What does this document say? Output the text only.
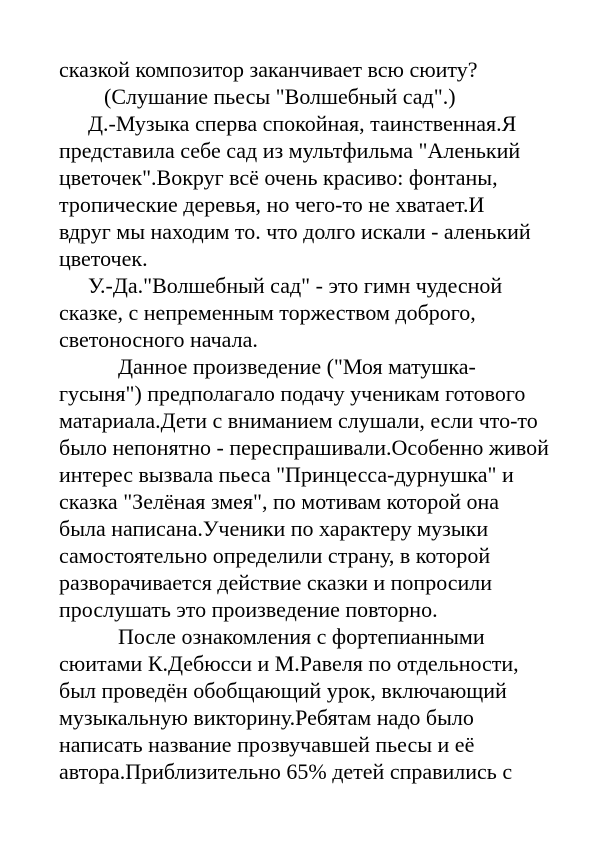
сказкой композитор заканчивает всю сюиту?
(Слушание пьесы "Волшебный сад".)
Д.-Музыка сперва спокойная, таинственная.Я
представила себе сад из мультфильма "Аленький
цветочек".Вокруг всё очень красиво: фонтаны,
тропические деревья, но чего-то не хватает.И
вдруг мы находим то. что долго искали - аленький
цветочек.
У.-Да."Волшебный сад" - это гимн чудесной
сказке, с непременным торжеством доброго,
светоносного начала.
Данное произведение ("Моя матушка-
гусыня") предполагало подачу ученикам готового
матариала.Дети с вниманием слушали, если что-то
было непонятно - переспрашивали.Особенно живой
интерес вызвала пьеса "Принцесса-дурнушка" и
сказка "Зелёная змея", по мотивам которой она
была написана.Ученики по характеру музыки
самостоятельно определили страну, в которой
разворачивается действие сказки и попросили
прослушать это произведение повторно.
После ознакомления с фортепианными
сюитами К.Дебюсси и М.Равеля по отдельности,
был проведён обобщающий урок, включающий
музыкальную викторину.Ребятам надо было
написать название прозвучавшей пьесы и её
автора.Приблизительно 65% детей справились с
